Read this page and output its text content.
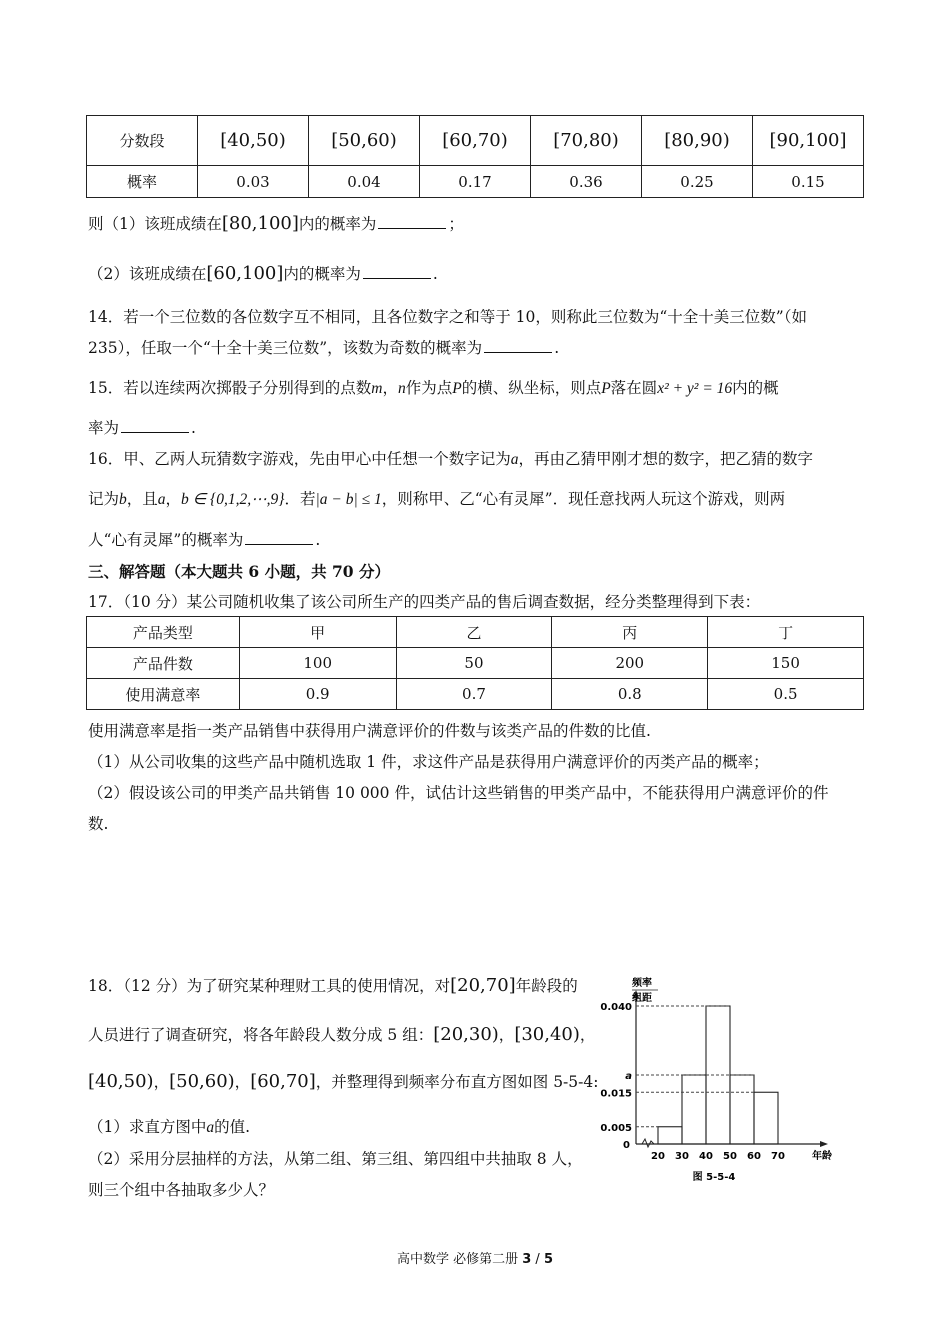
分数段	[40,50)	[50,60)	[60,70)	[70,80)	[80,90)	[90,100]
概率	0.03	0.04	0.17	0.36	0.25	0.15
则（1）该班成绩在[80,100]内的概率为	；
（2）该班成绩在[60,100]内的概率为	.
14．若一个三位数的各位数字互不相同，且各位数字之和等于 10，则称此三位数为“十全十美三位数”（如
235），任取一个“十全十美三位数”，该数为奇数的概率为	.
15．若以连续两次掷骰子分别得到的点数m，n作为点P的横、纵坐标，则点P落在圆x² + y² = 16内的概
率为	.
16．甲、乙两人玩猜数字游戏，先由甲心中任想一个数字记为a，再由乙猜甲刚才想的数字，把乙猜的数字
记为b，且a，b ∈ {0,1,2,⋯,9}．若|a − b| ≤ 1，则称甲、乙“心有灵犀”．现任意找两人玩这个游戏，则两
人“心有灵犀”的概率为	.
三、解答题（本大题共 6 小题，共 70 分）
17．（10 分）某公司随机收集了该公司所生产的四类产品的售后调查数据，经分类整理得到下表：
产品类型	甲	乙	丙	丁
产品件数	100	50	200	150
使用满意率	0.9	0.7	0.8	0.5
使用满意率是指一类产品销售中获得用户满意评价的件数与该类产品的件数的比值.
（1）从公司收集的这些产品中随机选取 1 件，求这件产品是获得用户满意评价的丙类产品的概率；
（2）假设该公司的甲类产品共销售 10 000 件，试估计这些销售的甲类产品中，不能获得用户满意评价的件
数.
18．（12 分）为了研究某种理财工具的使用情况，对[20,70]年龄段的
人员进行了调查研究，将各年龄段人数分成 5 组：[20,30)，[30,40)，
[40,50)，[50,60)，[60,70]，并整理得到频率分布直方图如图 5-5-4:
（1）求直方图中a的值.
（2）采用分层抽样的方法，从第二组、第三组、第四组中共抽取 8 人，
则三个组中各抽取多少人？
频率
组距
0.040
a
0.015
0.005
0
20 30 40 50 60 70	年龄
图 5-5-4
高中数学 必修第二册 3 / 5
